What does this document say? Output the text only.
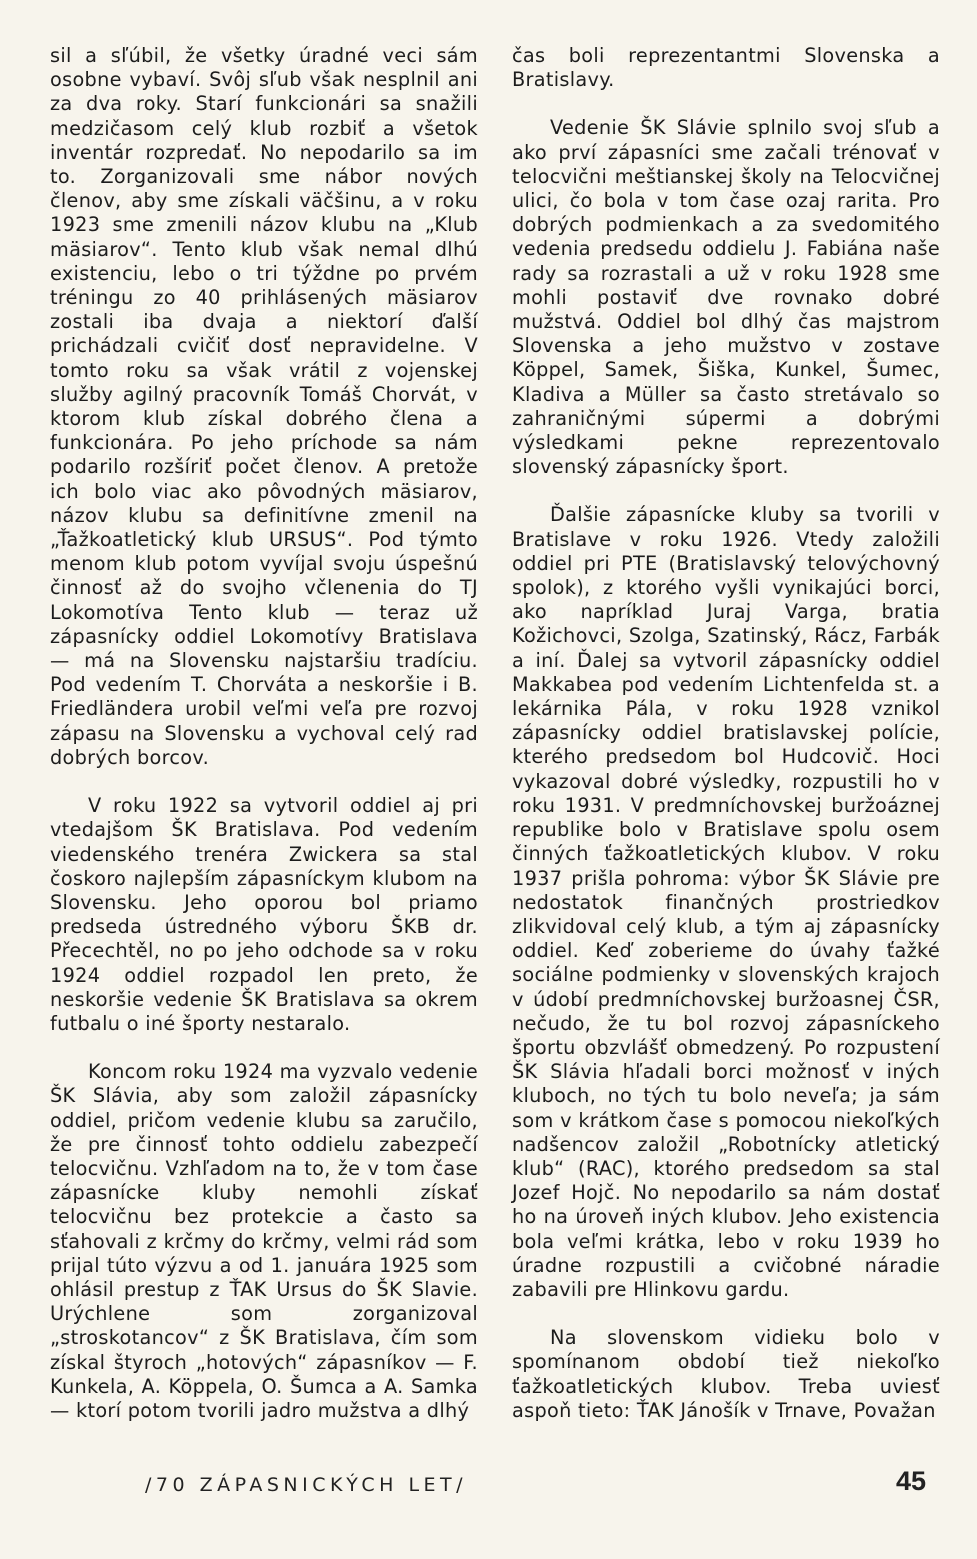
sil a sľúbil, že všetky úradné veci sám osobne vybaví. Svôj sľub však nesplnil ani za dva roky. Starí funkcionári sa snažili medzičasom celý klub rozbiť a všetok inventár rozpredať. No nepodarilo sa im to. Zorganizovali sme nábor nových členov, aby sme získali väčšinu, a v roku 1923 sme zmenili názov klubu na „Klub mäsiarov“. Tento klub však nemal dlhú existenciu, lebo o tri týždne po prvém tréningu zo 40 prihlásených mäsiarov zostali iba dvaja a niektorí ďalší prichádzali cvičiť dosť nepravidelne. V tomto roku sa však vrátil z vojenskej služby agilný pracovník Tomáš Chorvát, v ktorom klub získal dobrého člena a funkcionára. Po jeho príchode sa nám podarilo rozšíriť počet členov. A pretože ich bolo viac ako pôvodných mäsiarov, názov klubu sa definitívne zmenil na „Ťažkoatletický klub URSUS“. Pod týmto menom klub potom vyvíjal svoju úspešnú činnosť až do svojho včlenenia do TJ Lokomotíva Tento klub — teraz už zápasnícky oddiel Lokomotívy Bratislava — má na Slovensku najstaršiu tradíciu. Pod vedením T. Chorváta a neskoršie i B. Friedländera urobil veľmi veľa pre rozvoj zápasu na Slovensku a vychoval celý rad dobrých borcov.

V roku 1922 sa vytvoril oddiel aj pri vtedajšom ŠK Bratislava. Pod vedením viedenského trenéra Zwickera sa stal čoskoro najlepším zápasníckym klubom na Slovensku. Jeho oporou bol priamo predseda ústredného výboru ŠKB dr. Přecechtěl, no po jeho odchode sa v roku 1924 oddiel rozpadol len preto, že neskoršie vedenie ŠK Bratislava sa okrem futbalu o iné športy nestaralo.

Koncom roku 1924 ma vyzvalo vedenie ŠK Slávia, aby som založil zápasnícky oddiel, pričom vedenie klubu sa zaručilo, že pre činnosť tohto oddielu zabezpečí telocvičnu. Vzhľadom na to, že v tom čase zápasnícke kluby nemohli získať telocvičnu bez protekcie a často sa sťahovali z krčmy do krčmy, velmi rád som prijal túto výzvu a od 1. januára 1925 som ohlásil prestup z ŤAK Ursus do ŠK Slavie. Urýchlene som zorganizoval „stroskotancov“ z ŠK Bratislava, čím som získal štyroch „hotových“ zápasníkov — F. Kunkela, A. Köppela, O. Šumca a A. Samka — ktorí potom tvorili jadro mužstva a dlhý

čas boli reprezentantmi Slovenska a Bratislavy.

Vedenie ŠK Slávie splnilo svoj sľub a ako prví zápasníci sme začali trénovať v telocvični meštianskej školy na Telocvičnej ulici, čo bola v tom čase ozaj rarita. Pro dobrých podmienkach a za svedomitého vedenia predsedu oddielu J. Fabiána naše rady sa rozrastali a už v roku 1928 sme mohli postaviť dve rovnako dobré mužstvá. Oddiel bol dlhý čas majstrom Slovenska a jeho mužstvo v zostave Köppel, Samek, Šiška, Kunkel, Šumec, Kladiva a Müller sa často stretávalo so zahraničnými súpermi a dobrými výsledkami pekne reprezentovalo slovenský zápasnícky šport.

Ďalšie zápasnícke kluby sa tvorili v Bratislave v roku 1926. Vtedy založili oddiel pri PTE (Bratislavský telovýchovný spolok), z ktorého vyšli vynikajúci borci, ako napríklad Juraj Varga, bratia Kožichovci, Szolga, Szatinský, Rácz, Farbák a iní. Ďalej sa vytvoril zápasnícky oddiel Makkabea pod vedením Lichtenfelda st. a lekárnika Pála, v roku 1928 vznikol zápasnícky oddiel bratislavskej polície, kterého predsedom bol Hudcovič. Hoci vykazoval dobré výsledky, rozpustili ho v roku 1931. V predmníchovskej buržoáznej republike bolo v Bratislave spolu osem činných ťažkoatletických klubov. V roku 1937 prišla pohroma: výbor ŠK Slávie pre nedostatok finančných prostriedkov zlikvidoval celý klub, a tým aj zápasnícky oddiel. Keď zoberieme do úvahy ťažké sociálne podmienky v slovenských krajoch v údobí predmníchovskej buržoasnej ČSR, nečudo, že tu bol rozvoj zápasníckeho športu obzvlášť obmedzený. Po rozpustení ŠK Slávia hľadali borci možnosť v iných kluboch, no tých tu bolo neveľa; ja sám som v krátkom čase s pomocou niekoľkých nadšencov založil „Robotnícky atletický klub“ (RAC), ktorého predsedom sa stal Jozef Hojč. No nepodarilo sa nám dostať ho na úroveň iných klubov. Jeho existencia bola veľmi krátka, lebo v roku 1939 ho úradne rozpustili a cvičobné náradie zabavili pre Hlinkovu gardu.

Na slovenskom vidieku bolo v spomínanom období tiež niekoľko ťažkoatletických klubov. Treba uviesť aspoň tieto: ŤAK Jánošík v Trnave, Považan

/70 ZÁPASNICKÝCH LET/	45
